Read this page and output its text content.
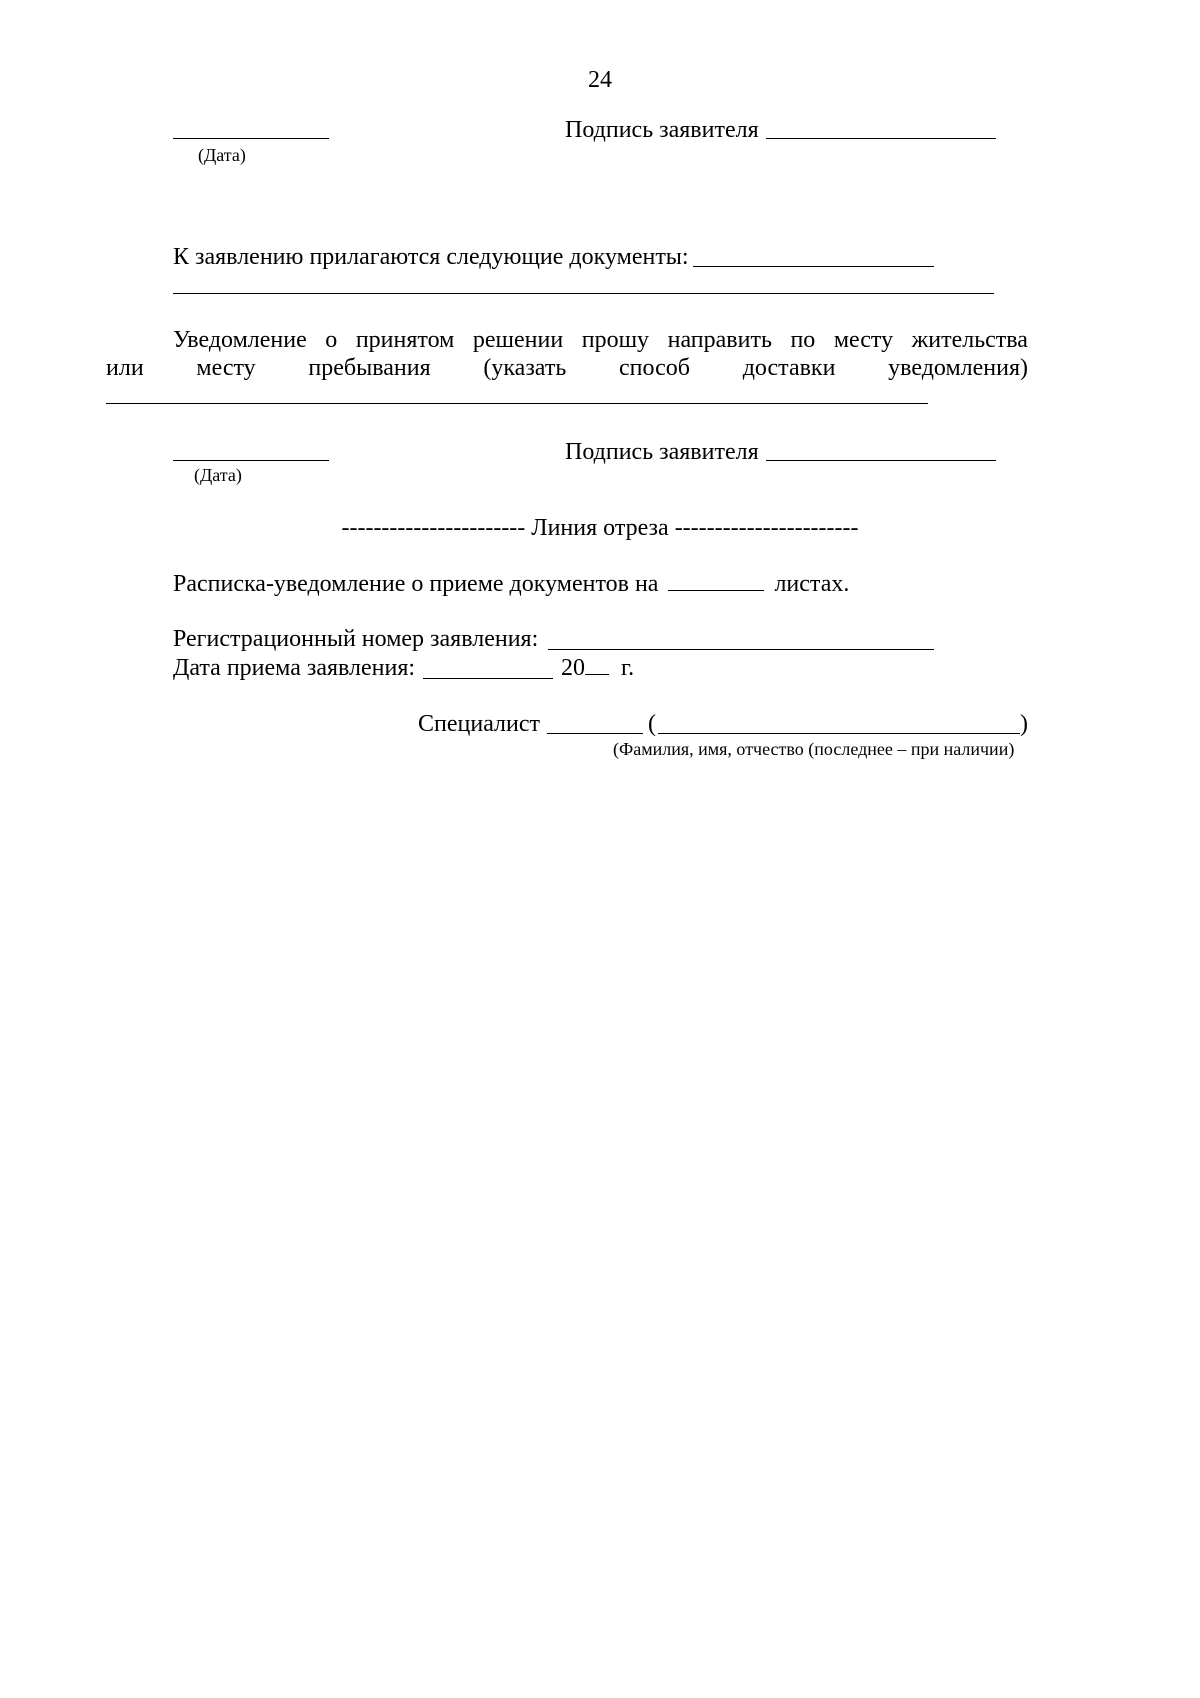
24
(Дата)
Подпись заявителя
К заявлению прилагаются следующие документы:
Уведомление о принятом решении прошу направить по месту жительства
или месту пребывания (указать способ доставки уведомления)
(Дата)
Подпись заявителя
----------------------- Линия отреза -----------------------
Расписка-уведомление о приеме документов на	листах.
Регистрационный номер заявления:
Дата приема заявления:	20 г.
Специалист	(	)
(Фамилия, имя, отчество (последнее – при наличии)
